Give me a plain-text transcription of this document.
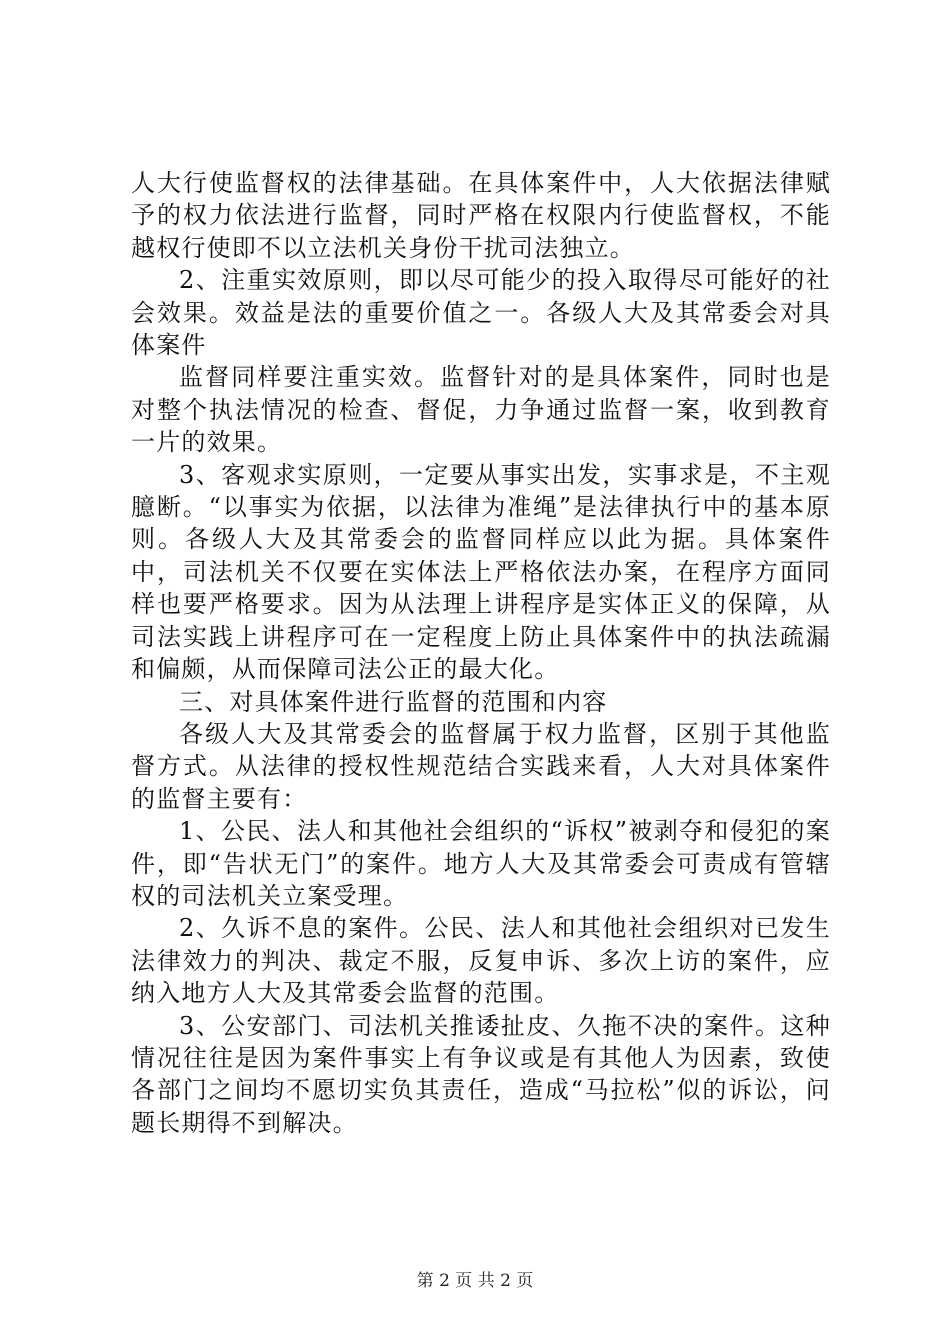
人大行使监督权的法律基础。在具体案件中，人大依据法律赋予的权力依法进行监督，同时严格在权限内行使监督权，不能越权行使即不以立法机关身份干扰司法独立。

2、注重实效原则，即以尽可能少的投入取得尽可能好的社会效果。效益是法的重要价值之一。各级人大及其常委会对具体案件

监督同样要注重实效。监督针对的是具体案件，同时也是对整个执法情况的检查、督促，力争通过监督一案，收到教育一片的效果。

3、客观求实原则，一定要从事实出发，实事求是，不主观臆断。“以事实为依据，以法律为准绳”是法律执行中的基本原则。各级人大及其常委会的监督同样应以此为据。具体案件中，司法机关不仅要在实体法上严格依法办案，在程序方面同样也要严格要求。因为从法理上讲程序是实体正义的保障，从司法实践上讲程序可在一定程度上防止具体案件中的执法疏漏和偏颇，从而保障司法公正的最大化。

三、对具体案件进行监督的范围和内容

各级人大及其常委会的监督属于权力监督，区别于其他监督方式。从法律的授权性规范结合实践来看，人大对具体案件的监督主要有：

1、公民、法人和其他社会组织的“诉权”被剥夺和侵犯的案件，即“告状无门”的案件。地方人大及其常委会可责成有管辖权的司法机关立案受理。

2、久诉不息的案件。公民、法人和其他社会组织对已发生法律效力的判决、裁定不服，反复申诉、多次上访的案件，应纳入地方人大及其常委会监督的范围。

3、公安部门、司法机关推诿扯皮、久拖不决的案件。这种情况往往是因为案件事实上有争议或是有其他人为因素，致使各部门之间均不愿切实负其责任，造成“马拉松”似的诉讼，问题长期得不到解决。

第 2 页 共 2 页
